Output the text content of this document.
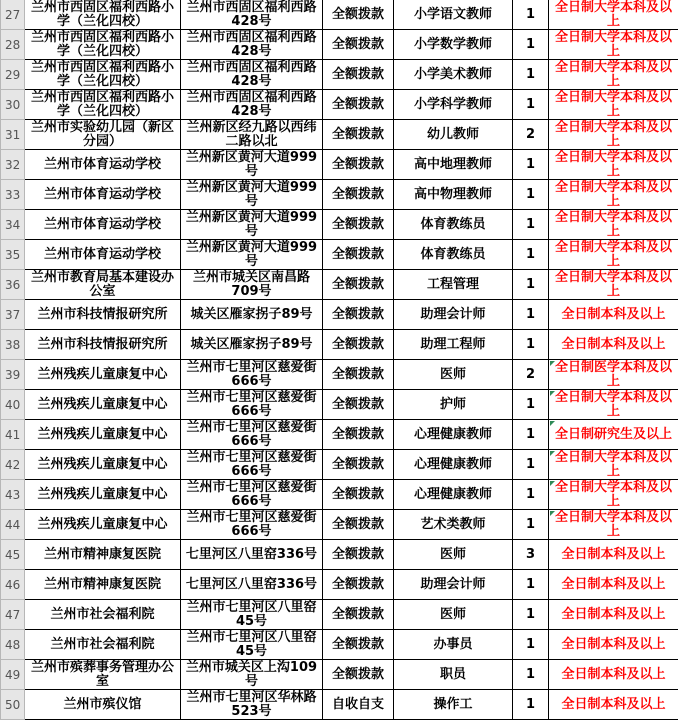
27	兰州市西固区福利西路小学（兰化四校）	兰州市西固区福利西路428号	全额拨款	小学语文教师	1	全日制大学本科及以上
28	兰州市西固区福利西路小学（兰化四校）	兰州市西固区福利西路428号	全额拨款	小学数学教师	1	全日制大学本科及以上
29	兰州市西固区福利西路小学（兰化四校）	兰州市西固区福利西路428号	全额拨款	小学美术教师	1	全日制大学本科及以上
30	兰州市西固区福利西路小学（兰化四校）	兰州市西固区福利西路428号	全额拨款	小学科学教师	1	全日制大学本科及以上
31	兰州市实验幼儿园（新区分园）	兰州新区经九路以西纬二路以北	全额拨款	幼儿教师	2	全日制大学本科及以上
32	兰州市体育运动学校	兰州新区黄河大道999号	全额拨款	高中地理教师	1	全日制大学本科及以上
33	兰州市体育运动学校	兰州新区黄河大道999号	全额拨款	高中物理教师	1	全日制大学本科及以上
34	兰州市体育运动学校	兰州新区黄河大道999号	全额拨款	体育教练员	1	全日制大学本科及以上
35	兰州市体育运动学校	兰州新区黄河大道999号	全额拨款	体育教练员	1	全日制大学本科及以上
36	兰州市教育局基本建设办公室	兰州市城关区南昌路709号	全额拨款	工程管理	1	全日制大学本科及以上
37	兰州市科技情报研究所	城关区雁家拐子89号	全额拨款	助理会计师	1	全日制本科及以上
38	兰州市科技情报研究所	城关区雁家拐子89号	全额拨款	助理工程师	1	全日制本科及以上
39	兰州残疾儿童康复中心	兰州市七里河区慈爱街666号	全额拨款	医师	2	全日制医学本科及以上
40	兰州残疾儿童康复中心	兰州市七里河区慈爱街666号	全额拨款	护师	1	全日制大学本科及以上
41	兰州残疾儿童康复中心	兰州市七里河区慈爱街666号	全额拨款	心理健康教师	1	全日制研究生及以上
42	兰州残疾儿童康复中心	兰州市七里河区慈爱街666号	全额拨款	心理健康教师	1	全日制大学本科及以上
43	兰州残疾儿童康复中心	兰州市七里河区慈爱街666号	全额拨款	心理健康教师	1	全日制大学本科及以上
44	兰州残疾儿童康复中心	兰州市七里河区慈爱街666号	全额拨款	艺术类教师	1	全日制大学本科及以上
45	兰州市精神康复医院	七里河区八里窑336号	全额拨款	医师	3	全日制本科及以上
46	兰州市精神康复医院	七里河区八里窑336号	全额拨款	助理会计师	1	全日制本科及以上
47	兰州市社会福利院	兰州市七里河区八里窑45号	全额拨款	医师	1	全日制本科及以上
48	兰州市社会福利院	兰州市七里河区八里窑45号	全额拨款	办事员	1	全日制本科及以上
49	兰州市殡葬事务管理办公室	兰州市城关区上沟109号	全额拨款	职员	1	全日制本科及以上
50	兰州市殡仪馆	兰州市七里河区华林路523号	自收自支	操作工	1	全日制本科及以上
